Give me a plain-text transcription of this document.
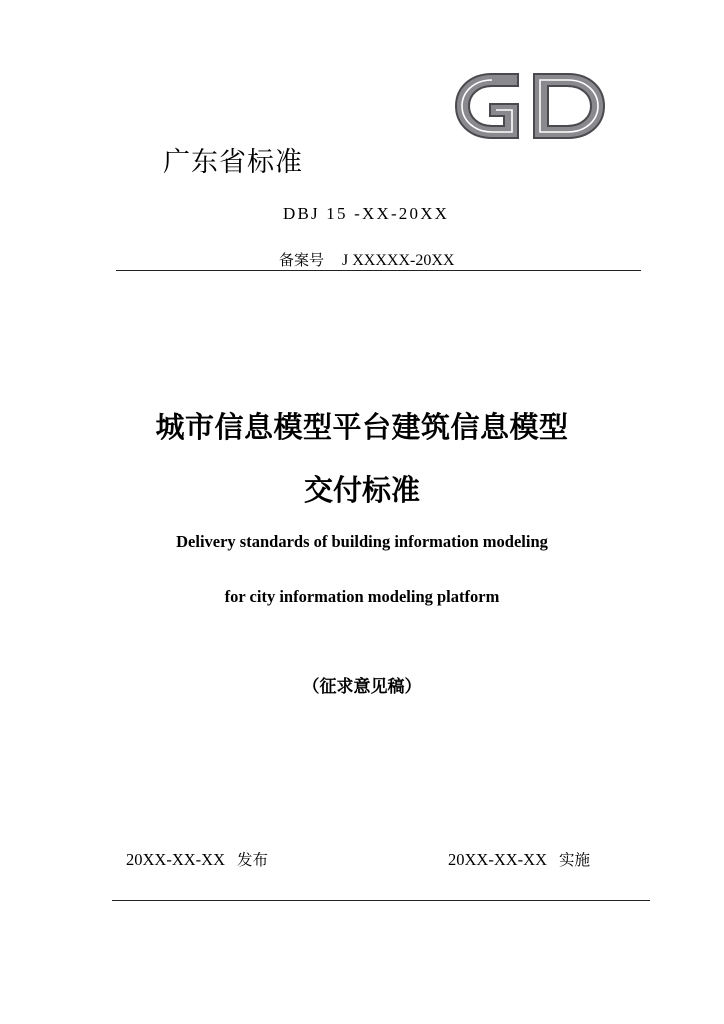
广东省标准
DBJ 15 -XX-20XX
备案号 J XXXXX-20XX
城市信息模型平台建筑信息模型
交付标准
Delivery standards of building information modeling
for city information modeling platform
（征求意见稿）
20XX-XX-XX 发布	20XX-XX-XX 实施
